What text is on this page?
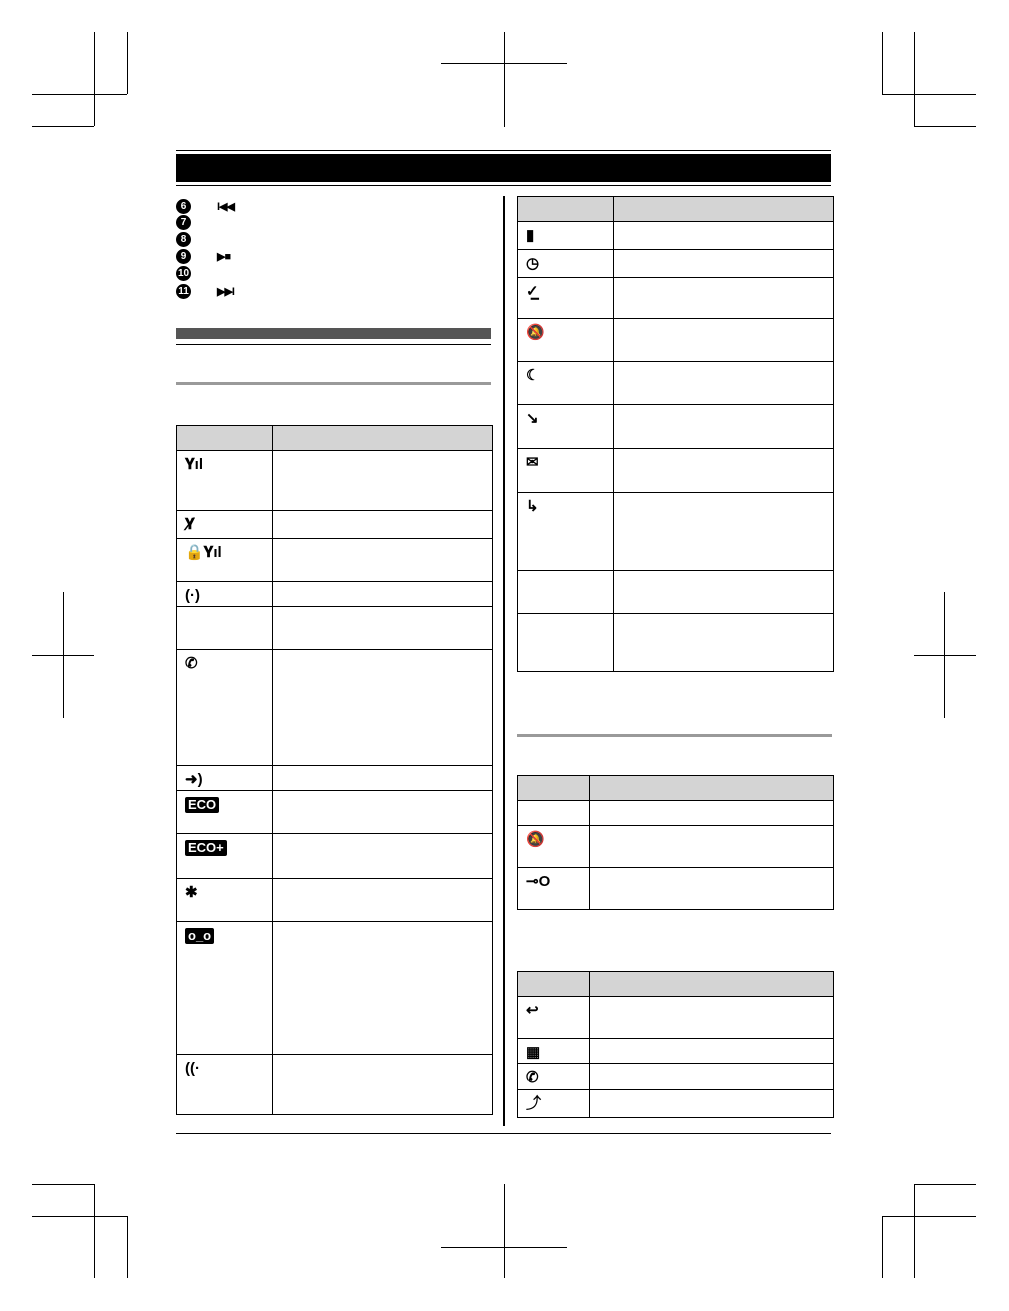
6	I◀◀
7
8
9	▶■
10
11	▶▶I

𝐘ıl	
𝐘̸	
🔒𝐘ıl	
(·)	

✆	
➜)	
ECO	
ECO+	
✱	
o_o	
((·	

▮	
◷	
✓̲	
🔕	
☾	
↘	
✉	
↳	

🔕	
⊸O	

↩	
▦	
✆	
⤴	
